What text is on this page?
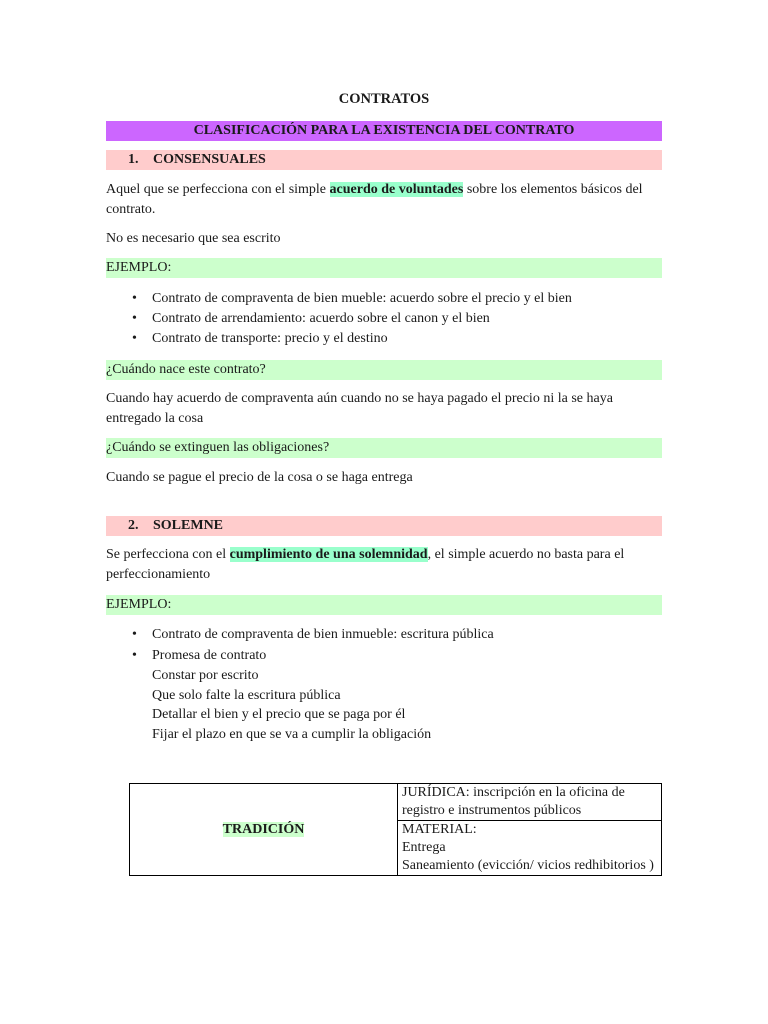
CONTRATOS
CLASIFICACIÓN PARA LA EXISTENCIA DEL CONTRATO
1. CONSENSUALES
Aquel que se perfecciona con el simple acuerdo de voluntades sobre los elementos básicos del contrato.
No es necesario que sea escrito
EJEMPLO:
• Contrato de compraventa de bien mueble: acuerdo sobre el precio y el bien
• Contrato de arrendamiento: acuerdo sobre el canon y el bien
• Contrato de transporte: precio y el destino
¿Cuándo nace este contrato?
Cuando hay acuerdo de compraventa aún cuando no se haya pagado el precio ni la se haya entregado la cosa
¿Cuándo se extinguen las obligaciones?
Cuando se pague el precio de la cosa o se haga entrega
2. SOLEMNE
Se perfecciona con el cumplimiento de una solemnidad, el simple acuerdo no basta para el perfeccionamiento
EJEMPLO:
• Contrato de compraventa de bien inmueble: escritura pública
• Promesa de contrato
Constar por escrito
Que solo falte la escritura pública
Detallar el bien y el precio que se paga por él
Fijar el plazo en que se va a cumplir la obligación
TRADICIÓN	JURÍDICA: inscripción en la oficina de registro e instrumentos públicos

MATERIAL:
Entrega
Saneamiento (evicción/ vicios redhibitorios )
